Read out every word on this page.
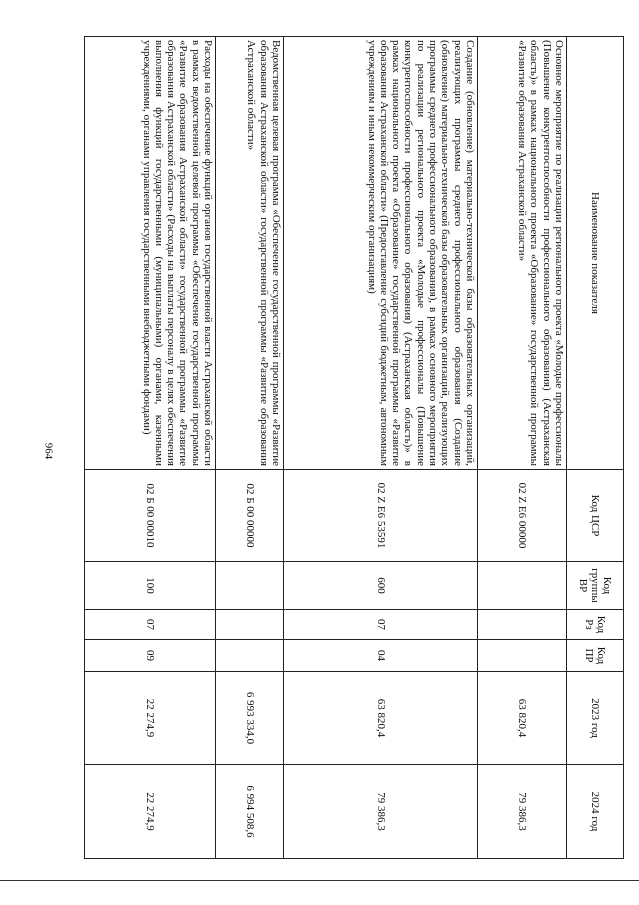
964
Наименование показателя	Код ЦСР	Код группы ВР	Код Рз	Код ПР	2023 год	2024 год
Основное мероприятие по реализации регионального проекта «Молодые профессионалы (Повышение конкурентоспособности профессионального образования) (Астраханская область)» в рамках национального проекта «Образование» государственной программы «Развитие образования Астраханской области»	02 Z Е6 00000				63 820,4	79 386,3
Создание (обновление) материально-технической базы образовательных организаций, реализующих программы среднего профессионального образования (Создание (обновление) материально-технической базы образовательных организаций, реализующих программы среднего профессионального образования), в рамках основного мероприятия по реализации регионального проекта «Молодые профессионалы (Повышение конкурентоспособности профессионального образования) (Астраханская область)» в рамках национального проекта «Образование» государственной программы «Развитие образования Астраханской области» (Предоставление субсидий бюджетным, автономным учреждениям и иным некоммерческим организациям)	02 Z Е6 53591	600	07	04	63 820,4	79 386,3
Ведомственная целевая программа «Обеспечение государственной программы «Развитие образования Астраханской области» государственной программы «Развитие образования Астраханской области»	02 Б 00 00000				6 993 334,0	6 994 508,6
Расходы на обеспечение функций органов государственной власти Астраханской области в рамках ведомственной целевой программы «Обеспечение государственной программы «Развитие образования Астраханской области» государственной программы «Развитие образования Астраханской области» (Расходы на выплаты персоналу в целях обеспечения выполнения функций государственными (муниципальными) органами, казенными учреждениями, органами управления государственными внебюджетными фондами)	02 Б 00 00010	100	07	09	22 274,9	22 274,9
